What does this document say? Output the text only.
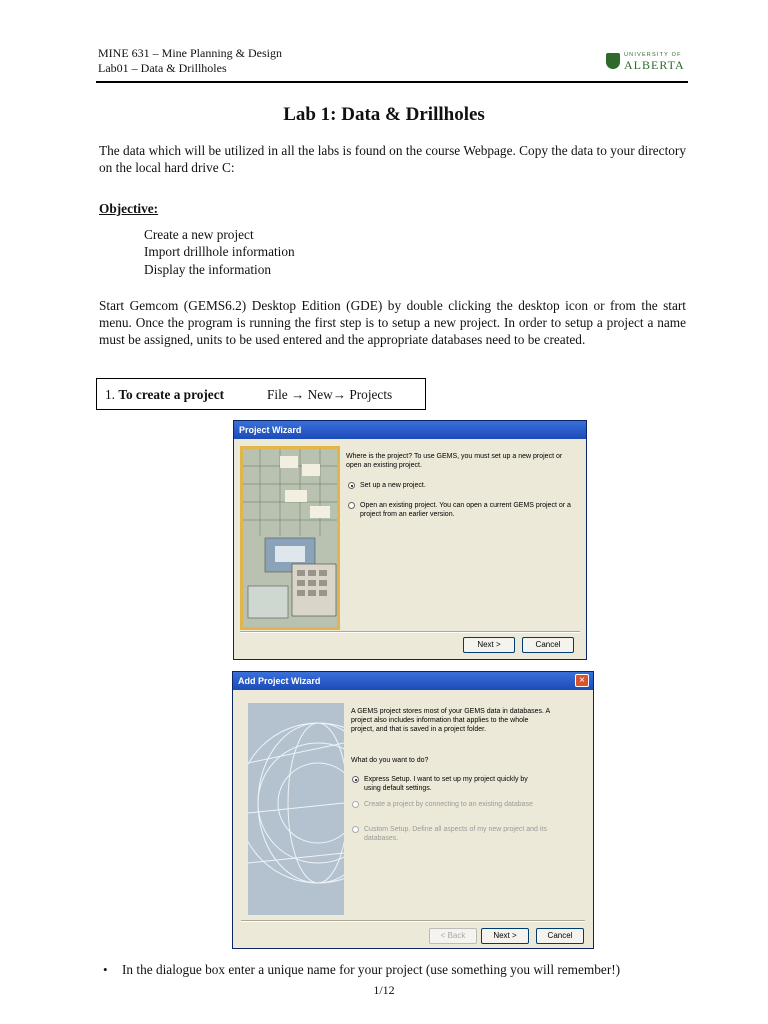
MINE 631 – Mine Planning & Design
Lab01 – Data & Drillholes
UNIVERSITY OF
ALBERTA
Lab 1: Data & Drillholes
The data which will be utilized in all the labs is found on the course Webpage. Copy the data to your directory on the local hard drive C:
Objective:
Create a new project
Import drillhole information
Display the information
Start Gemcom (GEMS6.2) Desktop Edition (GDE) by double clicking the desktop icon or from the start menu. Once the program is running the first step is to setup a new project. In order to setup a project a name must be assigned, units to be used entered and the appropriate databases need to be created.
1. To create a project	File → New→ Projects
Project Wizard
Where is the project? To use GEMS, you must set up a new project or open an existing project.
Set up a new project.
Open an existing project. You can open a current GEMS project or a project from an earlier version.
Next >	Cancel
Add Project Wizard	×
A GEMS project stores most of your GEMS data in databases. A project also includes information that applies to the whole project, and that is saved in a project folder.
What do you want to do?
Express Setup. I want to set up my project quickly by using default settings.
Create a project by connecting to an existing database
Custom Setup. Define all aspects of my new project and its databases.
< Back	Next >	Cancel
• In the dialogue box enter a unique name for your project (use something you will remember!)
1/12
